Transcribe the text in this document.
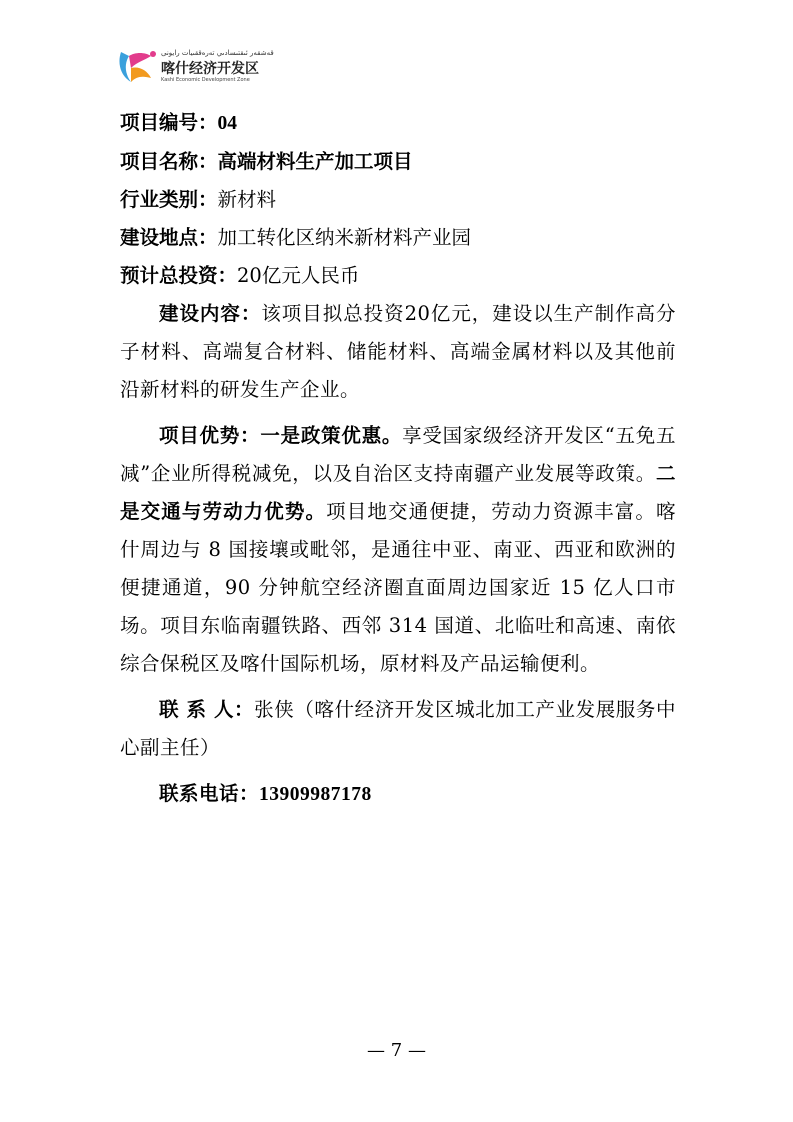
قەشقەر ئىقتىسادىي تەرەققىيات رايونى
喀什经济开发区
Kashi Economic Development Zone

项目编号：04

项目名称：高端材料生产加工项目

行业类别：新材料

建设地点：加工转化区纳米新材料产业园

预计总投资：20亿元人民币

建设内容：该项目拟总投资20亿元，建设以生产制作高分子材料、高端复合材料、储能材料、高端金属材料以及其他前沿新材料的研发生产企业。

项目优势：一是政策优惠。享受国家级经济开发区“五免五减”企业所得税减免，以及自治区支持南疆产业发展等政策。二是交通与劳动力优势。项目地交通便捷，劳动力资源丰富。喀什周边与 8 国接壤或毗邻，是通往中亚、南亚、西亚和欧洲的便捷通道，90 分钟航空经济圈直面周边国家近 15 亿人口市场。项目东临南疆铁路、西邻 314 国道、北临吐和高速、南依综合保税区及喀什国际机场，原材料及产品运输便利。

联 系 人：张侠（喀什经济开发区城北加工产业发展服务中心副主任）

联系电话：13909987178

— 7 —
